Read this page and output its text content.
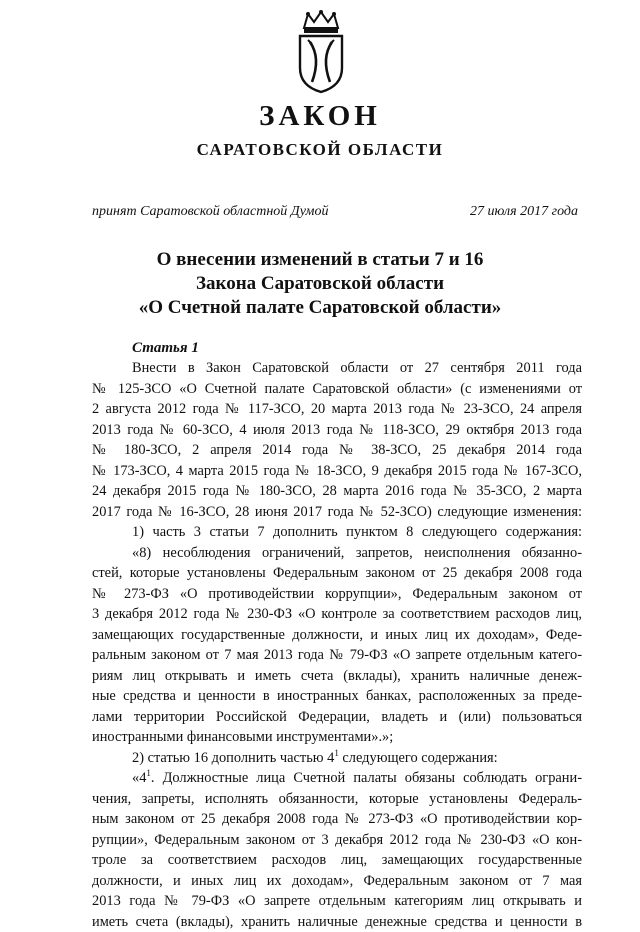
ЗАКОН
САРАТОВСКОЙ ОБЛАСТИ
принят Саратовской областной Думой	27 июля 2017 года
О внесении изменений в статьи 7 и 16
Закона Саратовской области
«О Счетной палате Саратовской области»
Статья 1
Внести в Закон Саратовской области от 27 сентября 2011 года
№ 125-ЗСО «О Счетной палате Саратовской области» (с изменениями от
2 августа 2012 года № 117-ЗСО, 20 марта 2013 года № 23-ЗСО, 24 апреля
2013 года № 60-ЗСО, 4 июля 2013 года № 118-ЗСО, 29 октября 2013 года
№ 180-ЗСО, 2 апреля 2014 года № 38-ЗСО, 25 декабря 2014 года
№ 173-ЗСО, 4 марта 2015 года № 18-ЗСО, 9 декабря 2015 года № 167-ЗСО,
24 декабря 2015 года № 180-ЗСО, 28 марта 2016 года № 35-ЗСО, 2 марта
2017 года № 16-ЗСО, 28 июня 2017 года № 52-ЗСО) следующие изменения:
1) часть 3 статьи 7 дополнить пунктом 8 следующего содержания:
«8) несоблюдения ограничений, запретов, неисполнения обязанно-
стей, которые установлены Федеральным законом от 25 декабря 2008 года
№ 273-ФЗ «О противодействии коррупции», Федеральным законом от
3 декабря 2012 года № 230-ФЗ «О контроле за соответствием расходов лиц,
замещающих государственные должности, и иных лиц их доходам», Феде-
ральным законом от 7 мая 2013 года № 79-ФЗ «О запрете отдельным катего-
риям лиц открывать и иметь счета (вклады), хранить наличные денеж-
ные средства и ценности в иностранных банках, расположенных за преде-
лами территории Российской Федерации, владеть и (или) пользоваться
иностранными финансовыми инструментами».»;
2) статью 16 дополнить частью $4^1$ следующего содержания:
«$4^1$. Должностные лица Счетной палаты обязаны соблюдать ограни-
чения, запреты, исполнять обязанности, которые установлены Федераль-
ным законом от 25 декабря 2008 года № 273-ФЗ «О противодействии кор-
рупции», Федеральным законом от 3 декабря 2012 года № 230-ФЗ «О кон-
троле за соответствием расходов лиц, замещающих государственные
должности, и иных лиц их доходам», Федеральным законом от 7 мая
2013 года № 79-ФЗ «О запрете отдельным категориям лиц открывать и
иметь счета (вклады), хранить наличные денежные средства и ценности в
